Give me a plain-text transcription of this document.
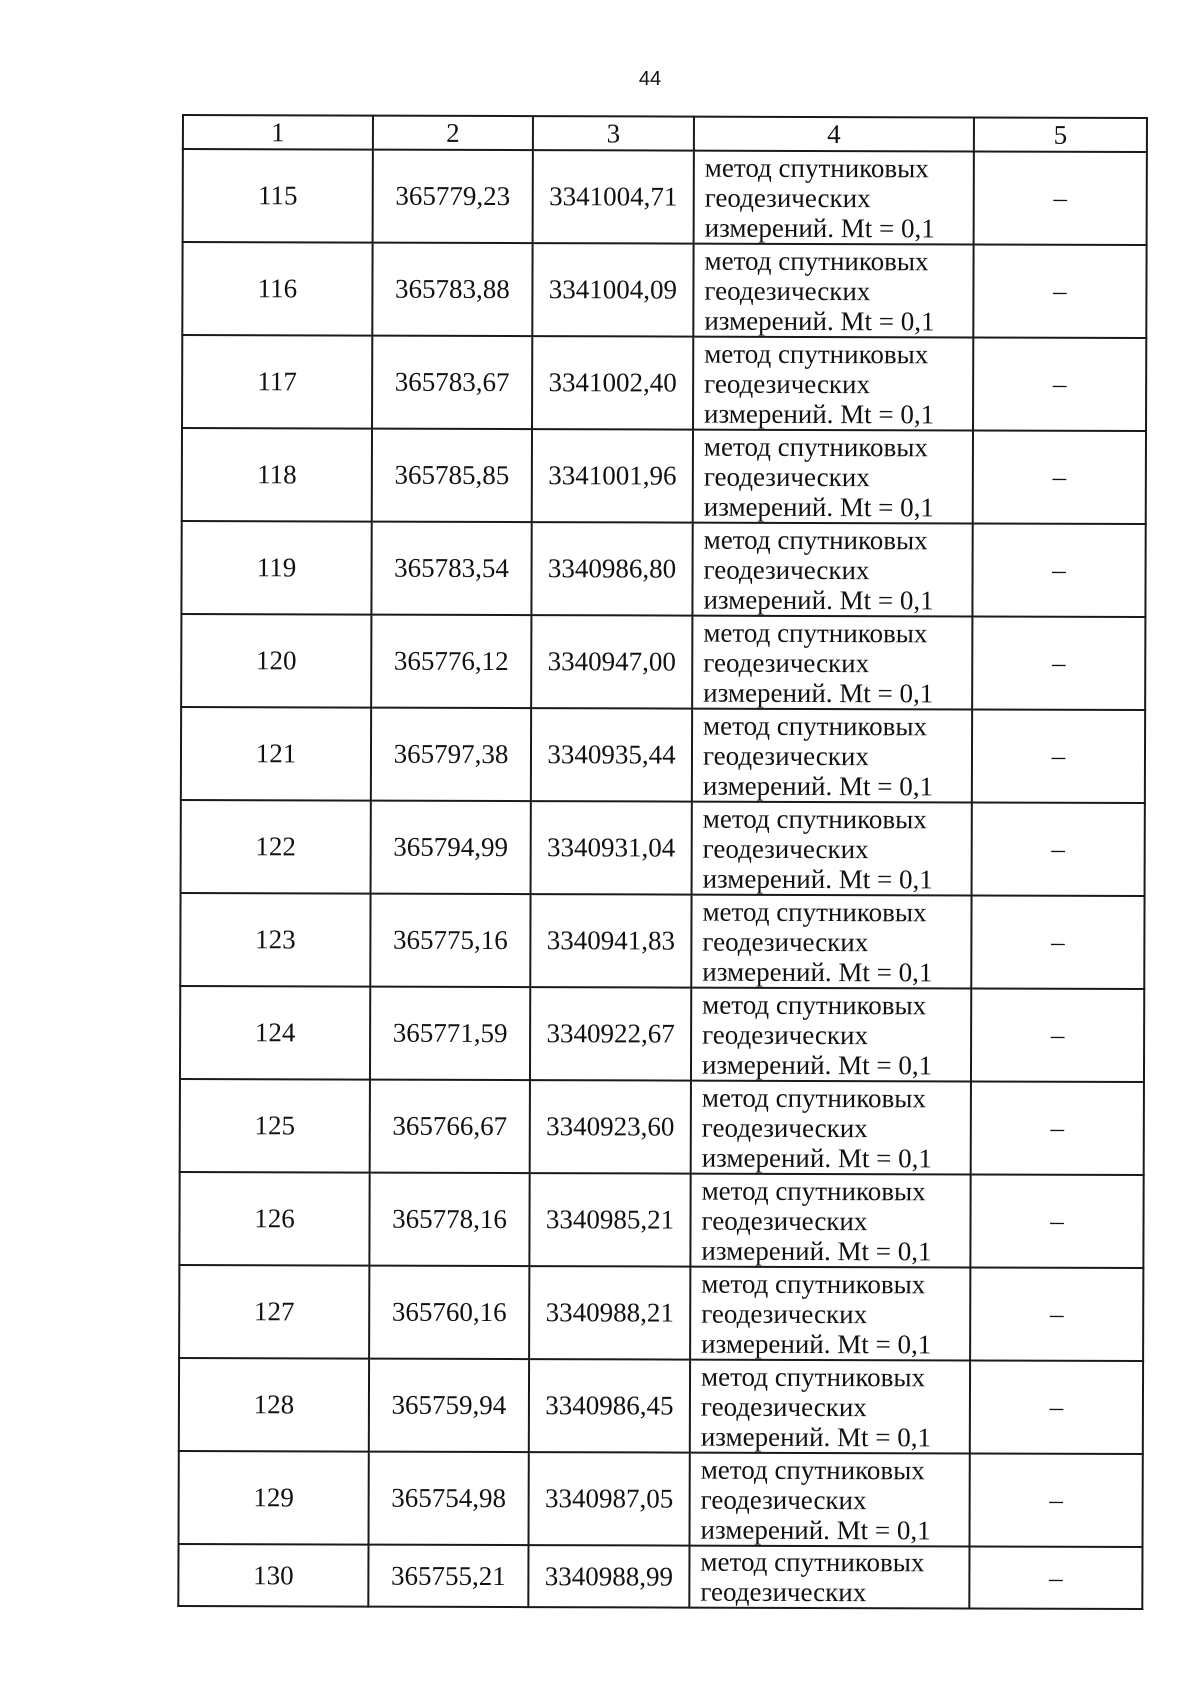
44
1	2	3	4	5
115	365779,23	3341004,71	метод спутниковых
геодезических
измерений. Mt = 0,1	–
116	365783,88	3341004,09	метод спутниковых
геодезических
измерений. Mt = 0,1	–
117	365783,67	3341002,40	метод спутниковых
геодезических
измерений. Mt = 0,1	–
118	365785,85	3341001,96	метод спутниковых
геодезических
измерений. Mt = 0,1	–
119	365783,54	3340986,80	метод спутниковых
геодезических
измерений. Mt = 0,1	–
120	365776,12	3340947,00	метод спутниковых
геодезических
измерений. Mt = 0,1	–
121	365797,38	3340935,44	метод спутниковых
геодезических
измерений. Mt = 0,1	–
122	365794,99	3340931,04	метод спутниковых
геодезических
измерений. Mt = 0,1	–
123	365775,16	3340941,83	метод спутниковых
геодезических
измерений. Mt = 0,1	–
124	365771,59	3340922,67	метод спутниковых
геодезических
измерений. Mt = 0,1	–
125	365766,67	3340923,60	метод спутниковых
геодезических
измерений. Mt = 0,1	–
126	365778,16	3340985,21	метод спутниковых
геодезических
измерений. Mt = 0,1	–
127	365760,16	3340988,21	метод спутниковых
геодезических
измерений. Mt = 0,1	–
128	365759,94	3340986,45	метод спутниковых
геодезических
измерений. Mt = 0,1	–
129	365754,98	3340987,05	метод спутниковых
геодезических
измерений. Mt = 0,1	–
130	365755,21	3340988,99	метод спутниковых
геодезических	–
